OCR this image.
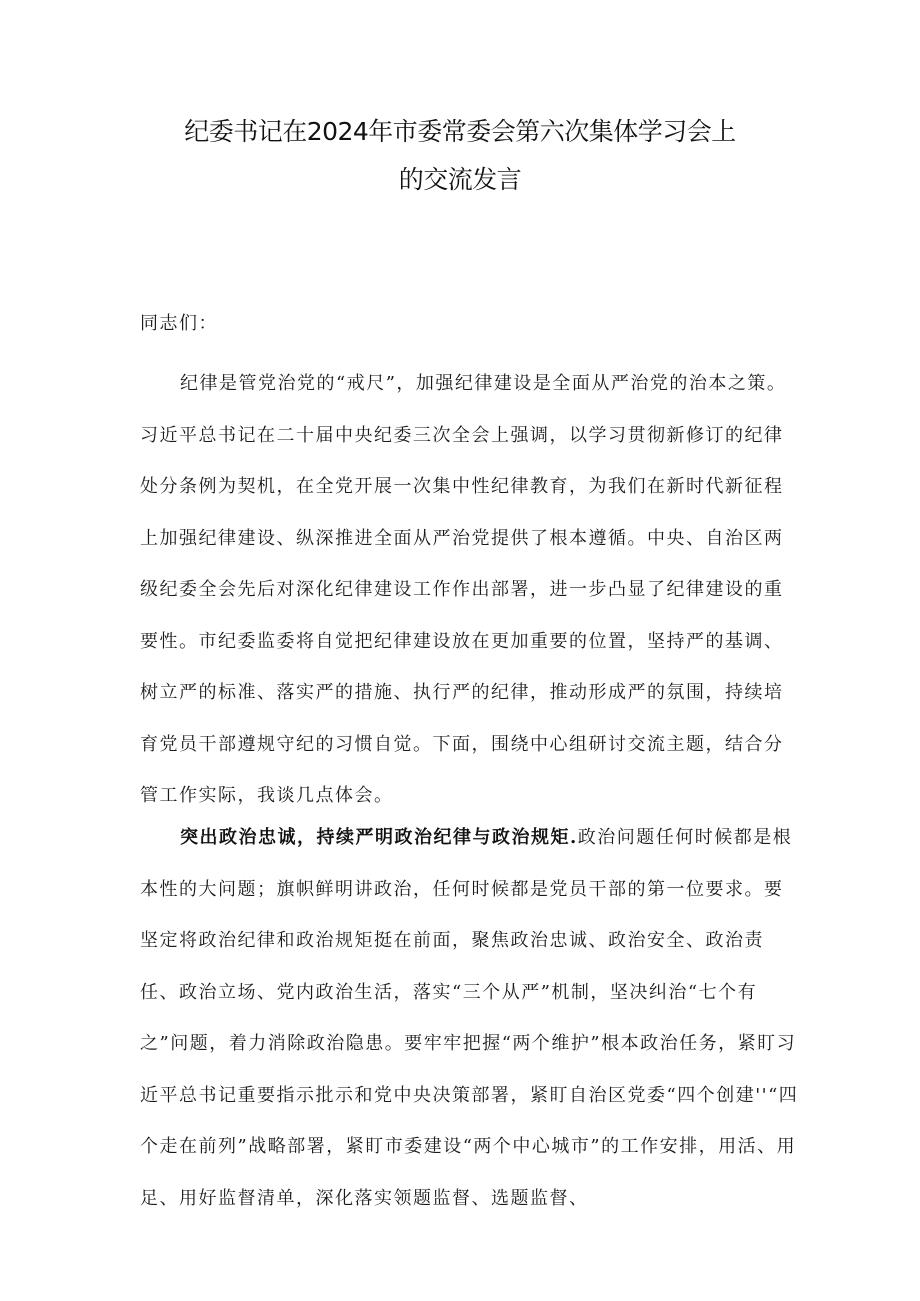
纪委书记在2024年市委常委会第六次集体学习会上
的交流发言

同志们：

纪律是管党治党的“戒尺”，加强纪律建设是全面从严治党的治本之策。习近平总书记在二十届中央纪委三次全会上强调，以学习贯彻新修订的纪律处分条例为契机，在全党开展一次集中性纪律教育，为我们在新时代新征程上加强纪律建设、纵深推进全面从严治党提供了根本遵循。中央、自治区两级纪委全会先后对深化纪律建设工作作出部署，进一步凸显了纪律建设的重要性。市纪委监委将自觉把纪律建设放在更加重要的位置，坚持严的基调、树立严的标准、落实严的措施、执行严的纪律，推动形成严的氛围，持续培育党员干部遵规守纪的习惯自觉。下面，围绕中心组研讨交流主题，结合分管工作实际，我谈几点体会。

突出政治忠诚，持续严明政治纪律与政治规矩.政治问题任何时候都是根本性的大问题；旗帜鲜明讲政治，任何时候都是党员干部的第一位要求。要坚定将政治纪律和政治规矩挺在前面，聚焦政治忠诚、政治安全、政治责任、政治立场、党内政治生活，落实“三个从严”机制，坚决纠治“七个有之”问题，着力消除政治隐患。要牢牢把握“两个维护”根本政治任务，紧盯习近平总书记重要指示批示和党中央决策部署，紧盯自治区党委“四个创建''“四个走在前列”战略部署，紧盯市委建设“两个中心城市”的工作安排，用活、用足、用好监督清单，深化落实领题监督、选题监督、
